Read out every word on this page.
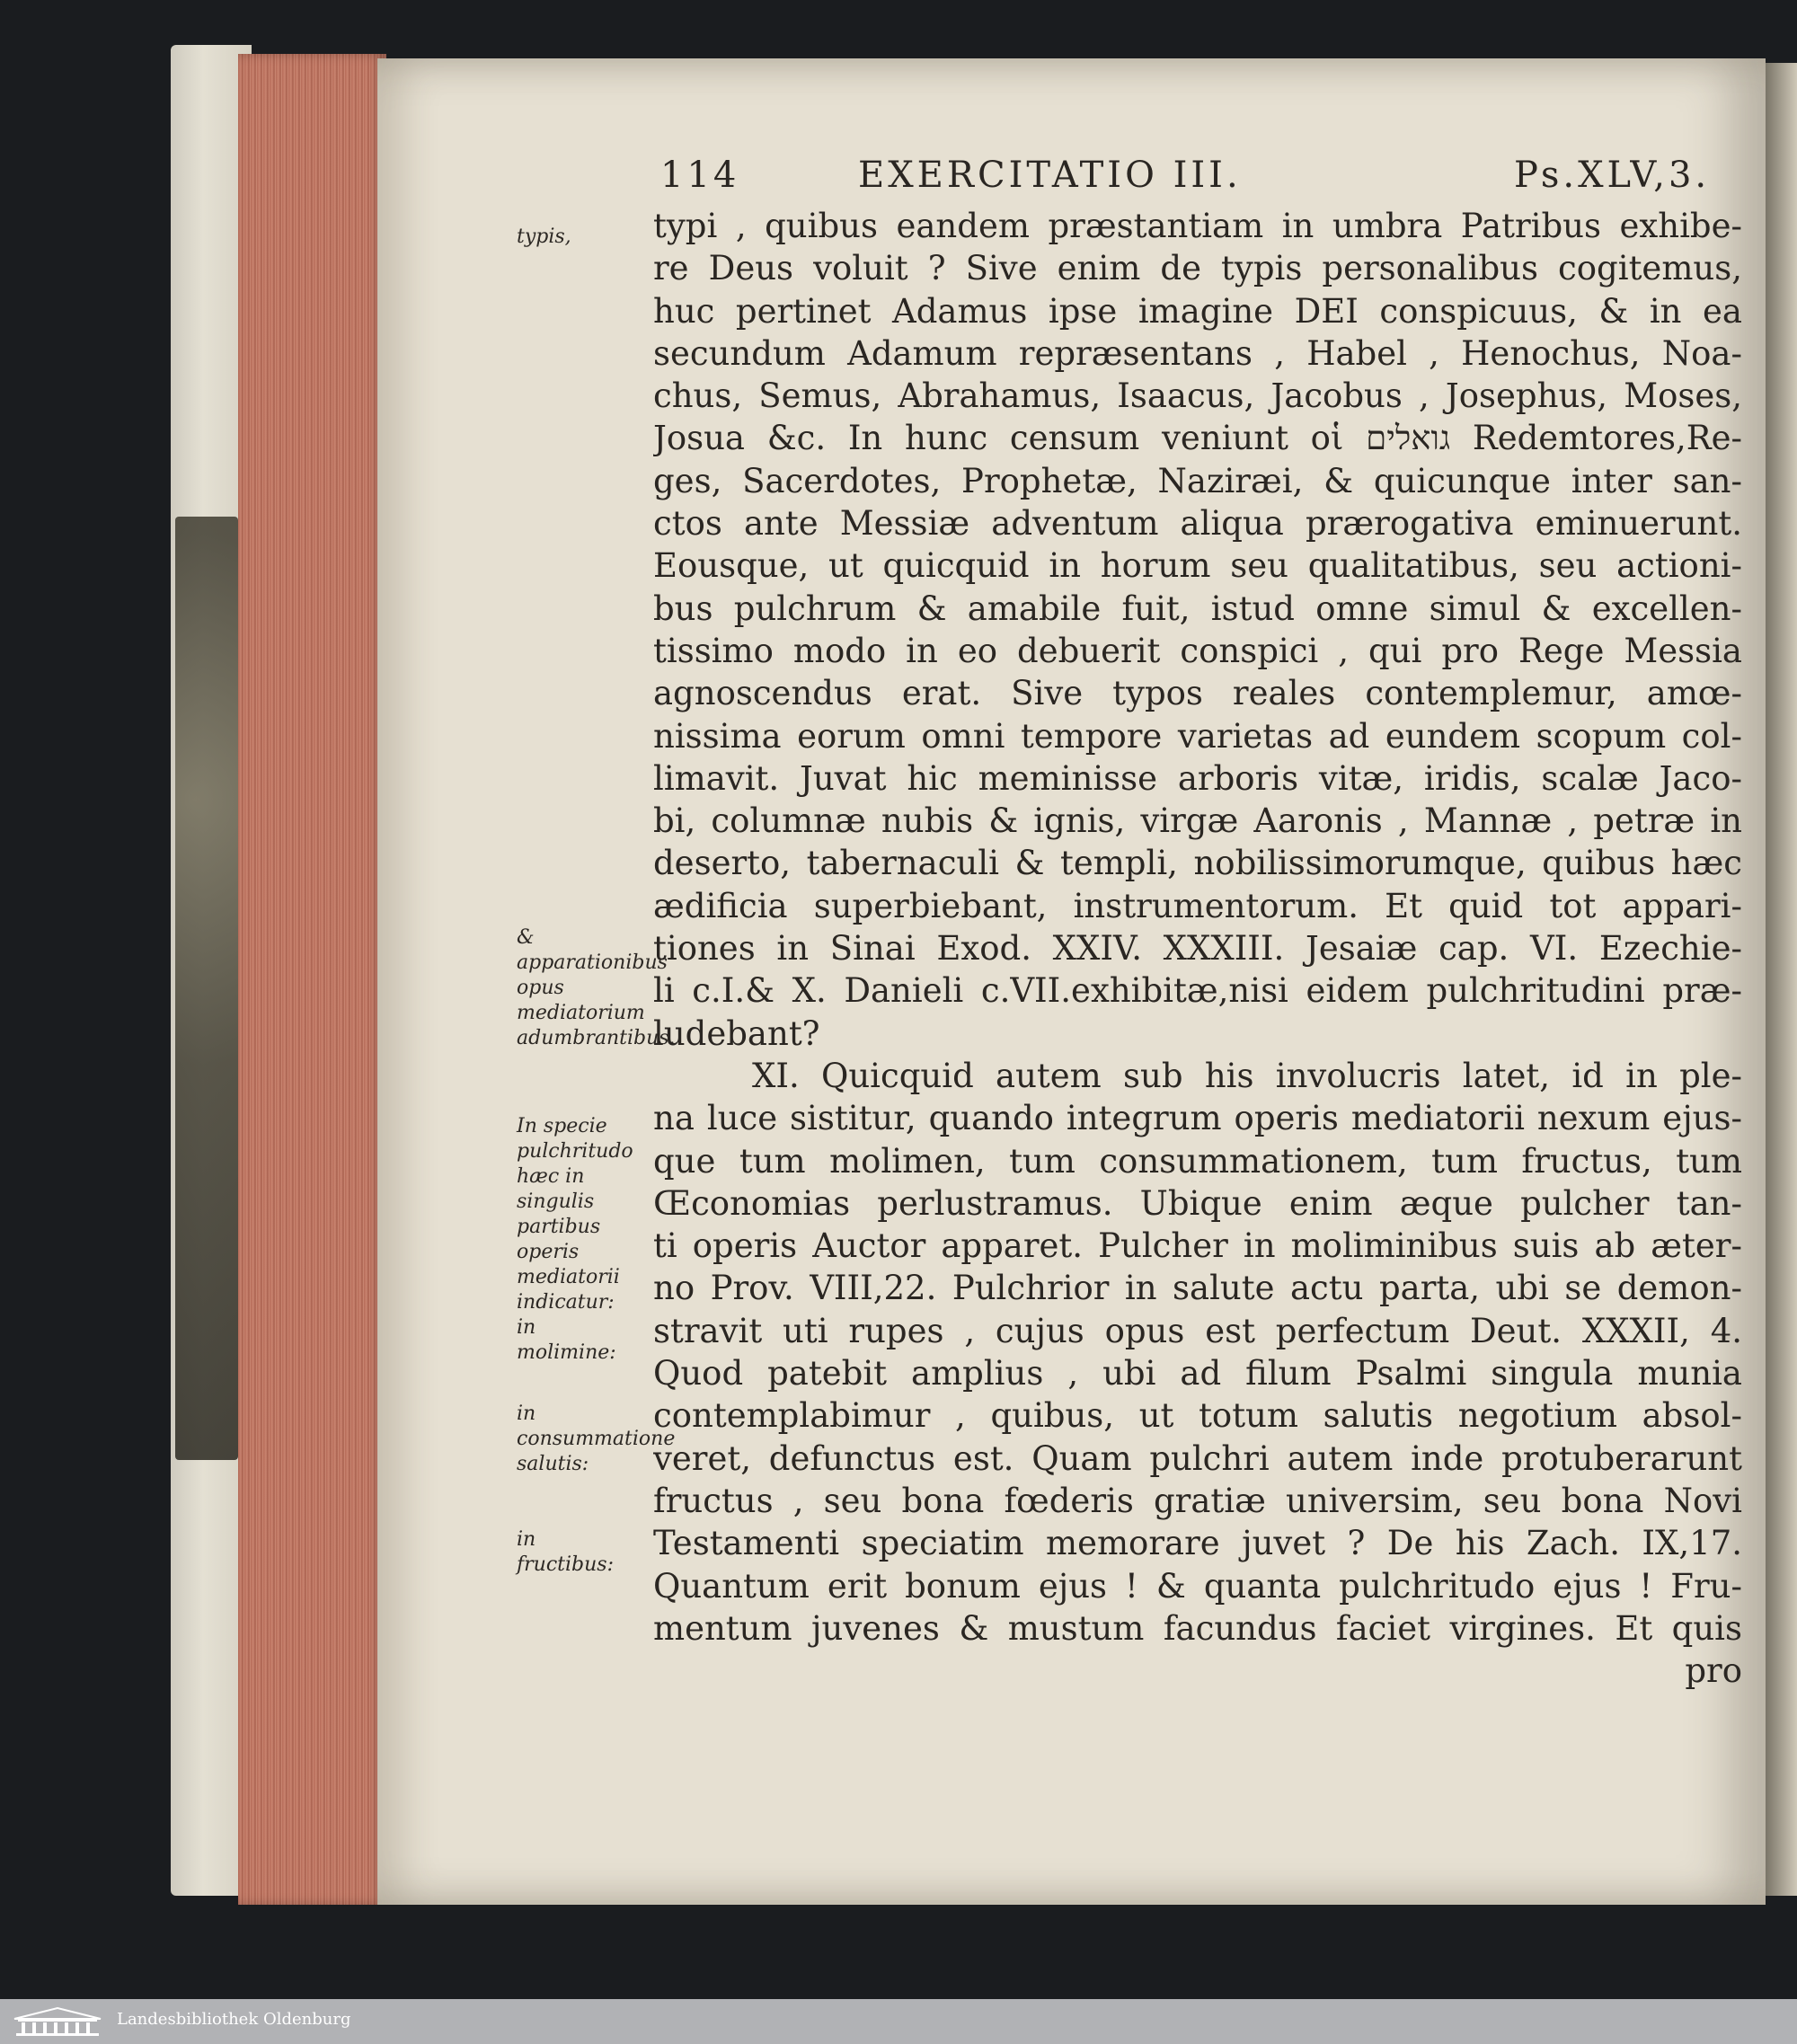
114	EXERCITATIO III.	Ps.XLV,3.
typis,
& apparationibus opus mediatorium adumbrantibus.
In specie pulchritudo hæc in singulis partibus operis mediatorii indicatur: in molimine:
in consummatione salutis:
in fructibus:
typi , quibus eandem præstantiam in umbra Patribus exhibe-
re Deus voluit ? Sive enim de typis personalibus cogitemus,
huc pertinet Adamus ipse imagine DEI conspicuus, & in ea
secundum Adamum repræsentans , Habel , Henochus, Noa-
chus, Semus, Abrahamus, Isaacus, Jacobus , Josephus, Moses,
Josua &c. In hunc censum veniunt οἱ גואלים Redemtores,Re-
ges, Sacerdotes, Prophetæ, Naziræi, & quicunque inter san-
ctos ante Messiæ adventum aliqua prærogativa eminuerunt.
Eousque, ut quicquid in horum seu qualitatibus, seu actioni-
bus pulchrum & amabile fuit, istud omne simul & excellen-
tissimo modo in eo debuerit conspici , qui pro Rege Messia
agnoscendus erat. Sive typos reales contemplemur, amœ-
nissima eorum omni tempore varietas ad eundem scopum col-
limavit. Juvat hic meminisse arboris vitæ, iridis, scalæ Jaco-
bi, columnæ nubis & ignis, virgæ Aaronis , Mannæ , petræ in
deserto, tabernaculi & templi, nobilissimorumque, quibus hæc
ædificia superbiebant, instrumentorum. Et quid tot appari-
tiones in Sinai Exod. XXIV. XXXIII. Jesaiæ cap. VI. Ezechie-
li c.I.& X. Danieli c.VII.exhibitæ,nisi eidem pulchritudini præ-
ludebant?
XI. Quicquid autem sub his involucris latet, id in ple-
na luce sistitur, quando integrum operis mediatorii nexum ejus-
que tum molimen, tum consummationem, tum fructus, tum
Œconomias perlustramus. Ubique enim æque pulcher tan-
ti operis Auctor apparet. Pulcher in moliminibus suis ab æter-
no Prov. VIII,22. Pulchrior in salute actu parta, ubi se demon-
stravit uti rupes , cujus opus est perfectum Deut. XXXII, 4.
Quod patebit amplius , ubi ad filum Psalmi singula munia
contemplabimur , quibus, ut totum salutis negotium absol-
veret, defunctus est. Quam pulchri autem inde protuberarunt
fructus , seu bona fœderis gratiæ universim, seu bona Novi
Testamenti speciatim memorare juvet ? De his Zach. IX,17.
Quantum erit bonum ejus ! & quanta pulchritudo ejus ! Fru-
mentum juvenes & mustum facundus faciet virgines. Et quis
pro
Landesbibliothek Oldenburg
